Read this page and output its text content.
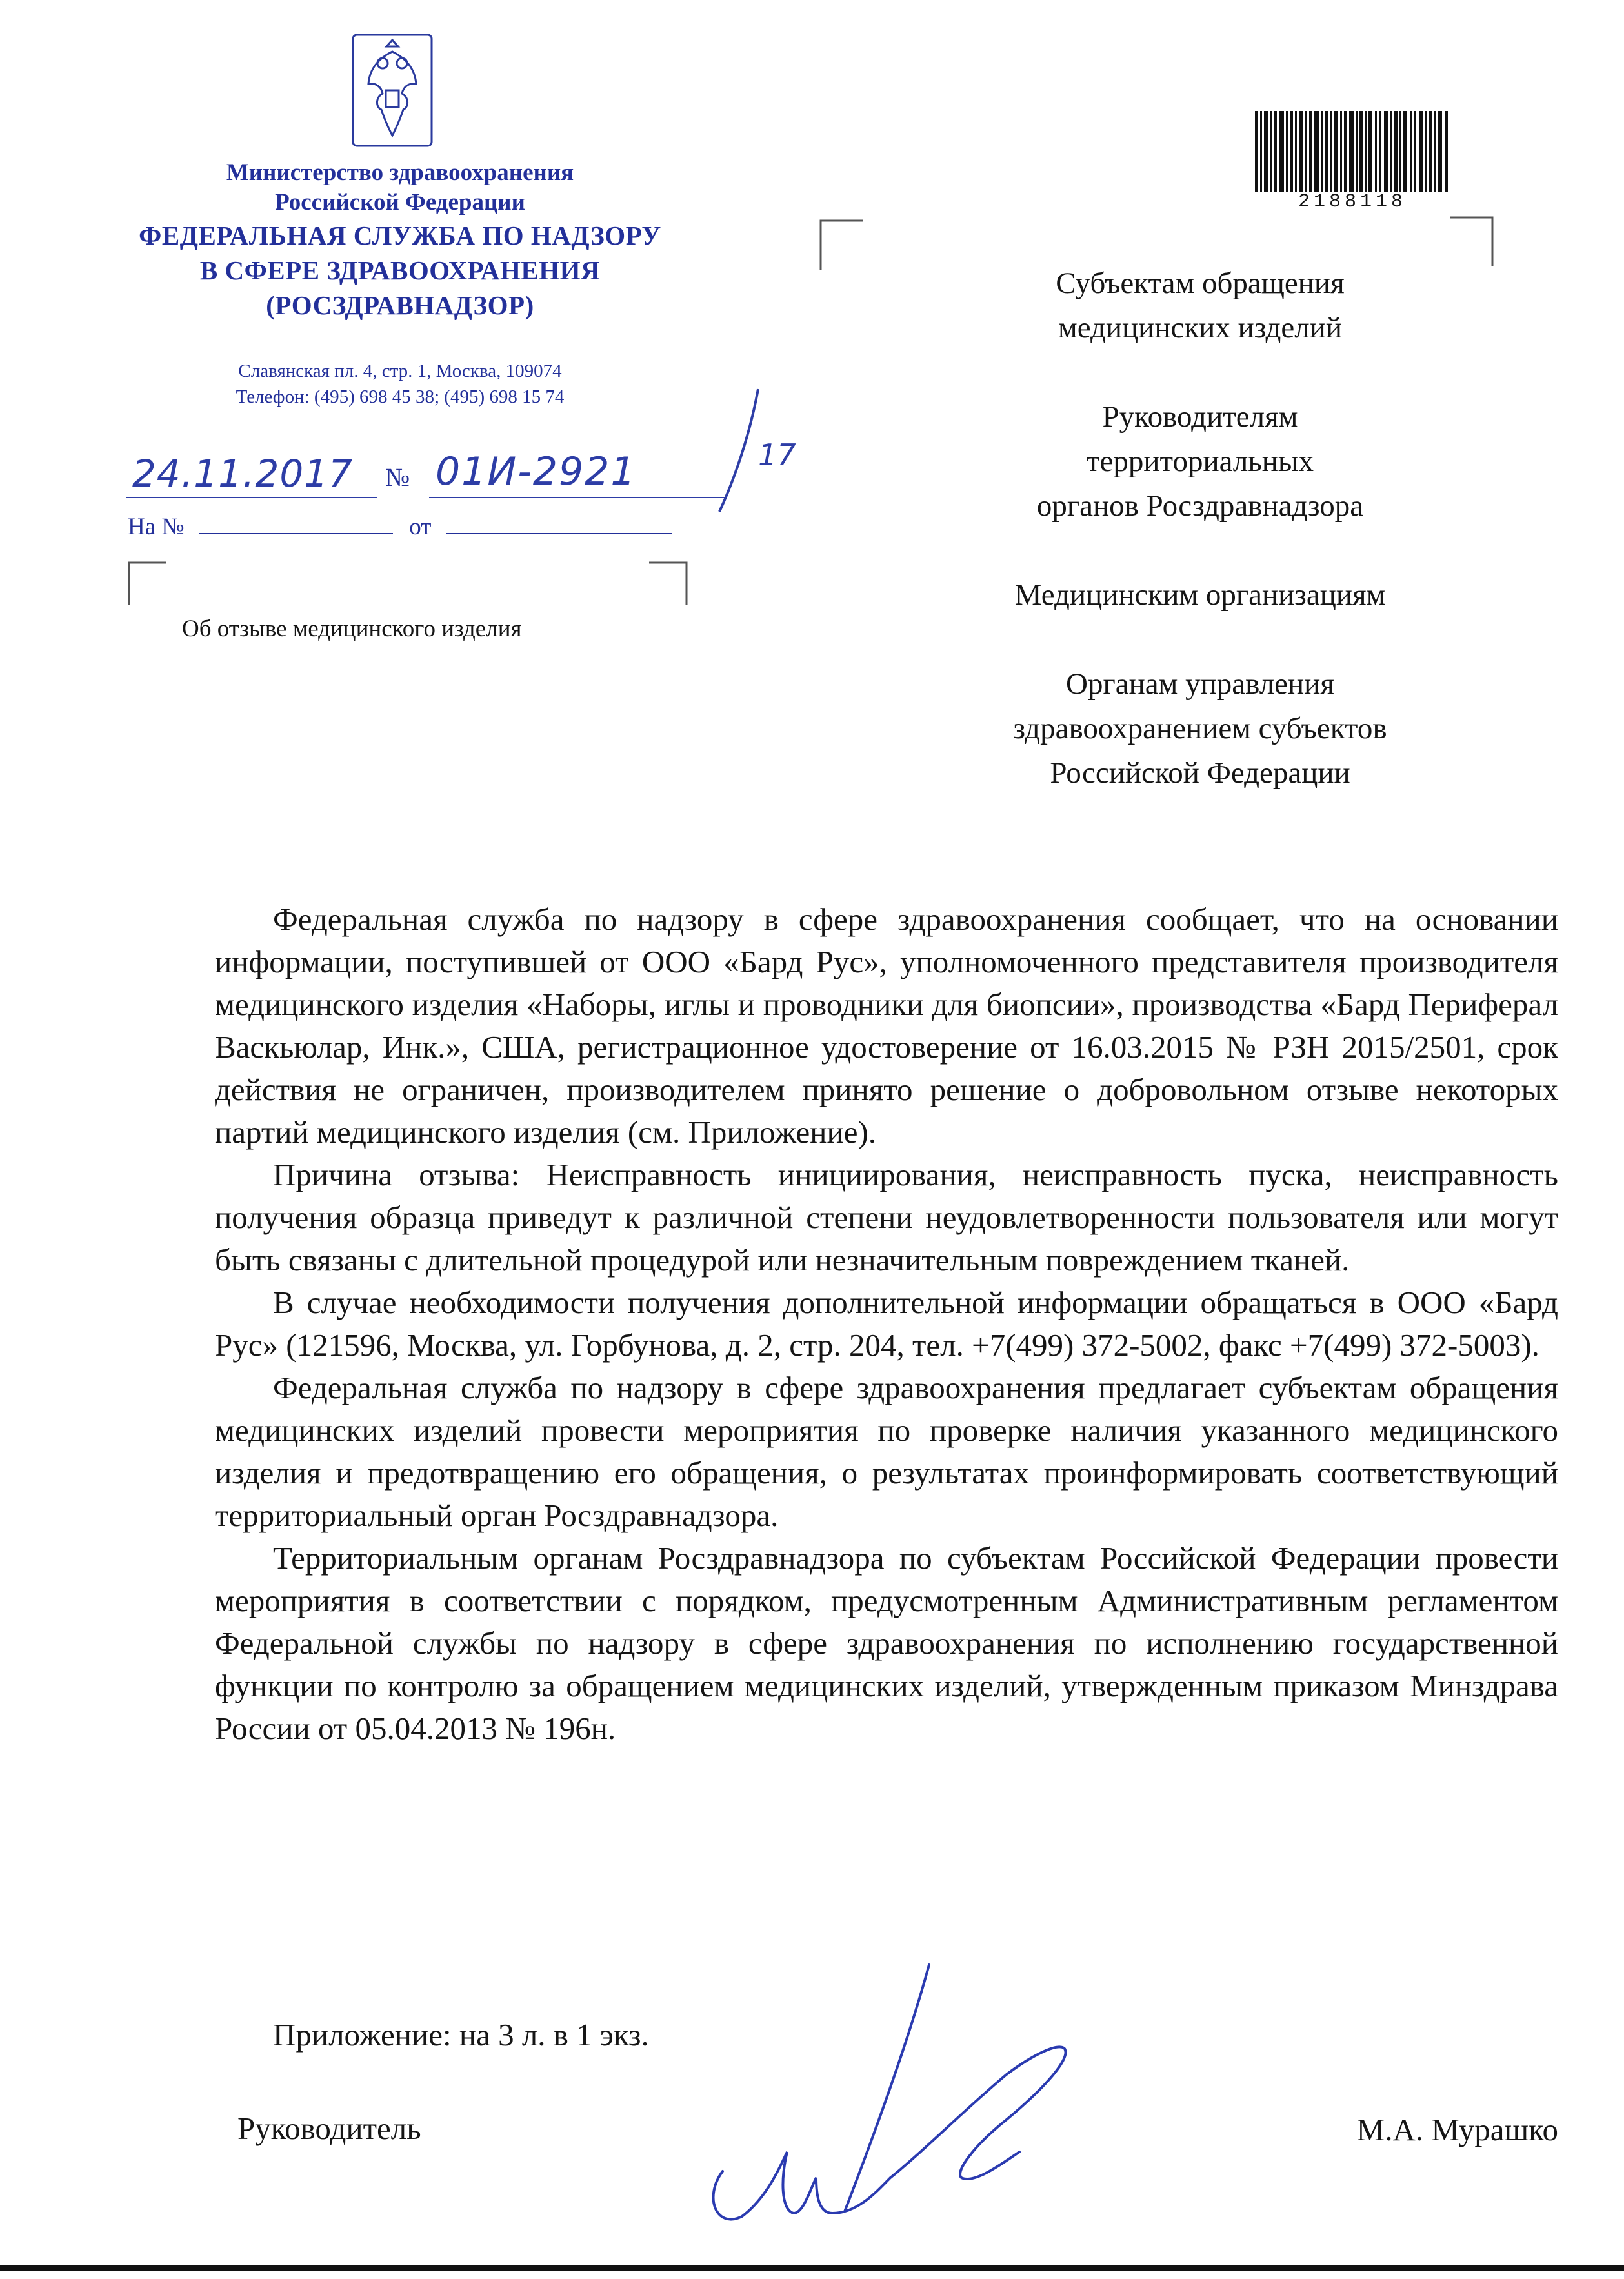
Министерство здравоохранения
Российской Федерации
ФЕДЕРАЛЬНАЯ СЛУЖБА ПО НАДЗОРУ
В СФЕРЕ ЗДРАВООХРАНЕНИЯ
(РОСЗДРАВНАДЗОР)
Славянская пл. 4, стр. 1, Москва, 109074
Телефон: (495) 698 45 38; (495) 698 15 74
24.11.2017 № 01И-2921	17
На №	от
Об отзыве медицинского изделия
2188118

Субъектам обращения
медицинских изделий

Руководителям
территориальных
органов Росздравнадзора

Медицинским организациям

Органам управления
здравоохранением субъектов
Российской Федерации

Федеральная служба по надзору в сфере здравоохранения сообщает, что на основании информации, поступившей от ООО «Бард Рус», уполномоченного представителя производителя медицинского изделия «Наборы, иглы и проводники для биопсии», производства «Бард Периферал Васкьюлар, Инк.», США, регистрационное удостоверение от 16.03.2015 № РЗН 2015/2501, срок действия не ограничен, производителем принято решение о добровольном отзыве некоторых партий медицинского изделия (см. Приложение).

Причина отзыва: Неисправность инициирования, неисправность пуска, неисправность получения образца приведут к различной степени неудовлетворенности пользователя или могут быть связаны с длительной процедурой или незначительным повреждением тканей.

В случае необходимости получения дополнительной информации обращаться в ООО «Бард Рус» (121596, Москва, ул. Горбунова, д. 2, стр. 204, тел. +7(499) 372-5002, факс +7(499) 372-5003).

Федеральная служба по надзору в сфере здравоохранения предлагает субъектам обращения медицинских изделий провести мероприятия по проверке наличия указанного медицинского изделия и предотвращению его обращения, о результатах проинформировать соответствующий территориальный орган Росздравнадзора.

Территориальным органам Росздравнадзора по субъектам Российской Федерации провести мероприятия в соответствии с порядком, предусмотренным Административным регламентом Федеральной службы по надзору в сфере здравоохранения по исполнению государственной функции по контролю за обращением медицинских изделий, утвержденным приказом Минздрава России от 05.04.2013 № 196н.

Приложение: на 3 л. в 1 экз.
Руководитель	М.А. Мурашко
